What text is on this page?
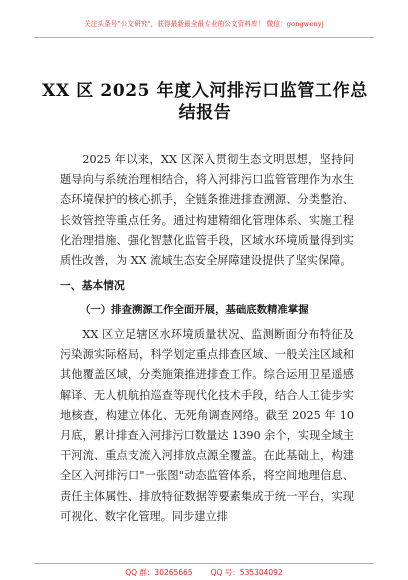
关注头条号"公文研究"，获得最新最全最专业的公文资料库！ 微信：gongwenyj
XX 区 2025 年度入河排污口监管工作总结报告
2025 年以来，XX 区深入贯彻生态文明思想，坚持问题导向与系统治理相结合，将入河排污口监管管理作为水生态环境保护的核心抓手，全链条推进排查溯源、分类整治、长效管控等重点任务。通过构建精细化管理体系、实施工程化治理措施、强化智慧化监管手段，区域水环境质量得到实质性改善，为 XX 流域生态安全屏障建设提供了坚实保障。
一、基本情况
（一）排查溯源工作全面开展，基础底数精准掌握
XX 区立足辖区水环境质量状况、监测断面分布特征及污染源实际格局，科学划定重点排查区域、一般关注区域和其他覆盖区域，分类施策推进排查工作。综合运用卫星遥感解译、无人机航拍巡查等现代化技术手段，结合人工徒步实地核查，构建立体化、无死角调查网络。截至 2025 年 10 月底，累计排查入河排污口数量达 1390 余个，实现全域主干河流、重点支流入河排放点源全覆盖。在此基础上，构建全区入河排污口"一张图"动态监管体系，将空间地理信息、责任主体属性、排放特征数据等要素集成于统一平台，实现可视化、数字化管理。同步建立排
QQ 群：30265665 QQ 号：535304092
